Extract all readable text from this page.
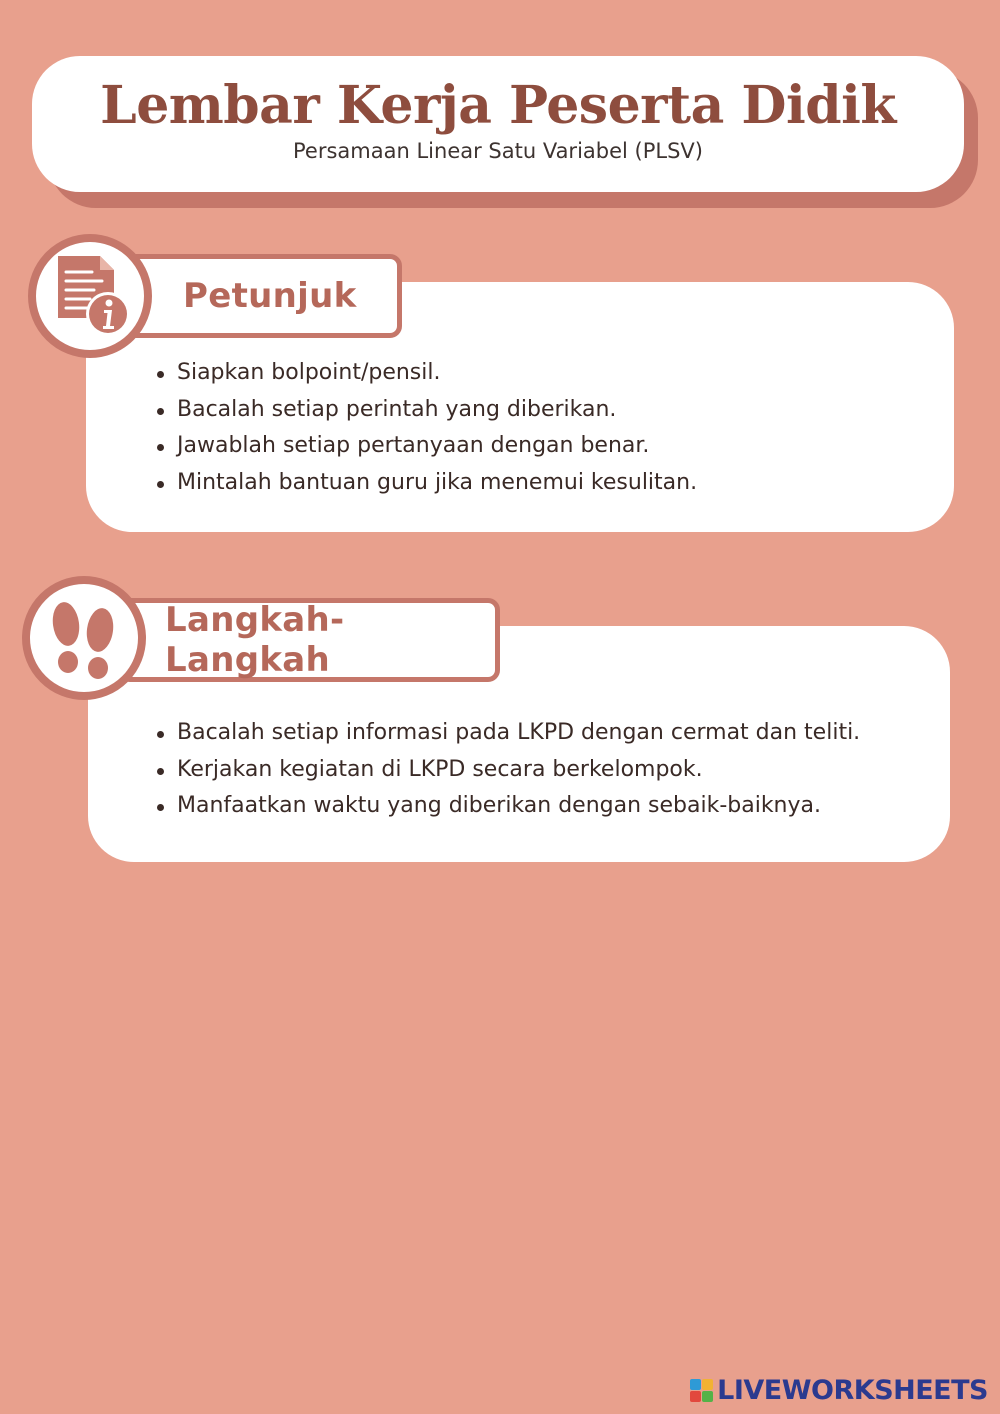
Lembar Kerja Peserta Didik
Persamaan Linear Satu Variabel (PLSV)
Petunjuk
Siapkan bolpoint/pensil.
Bacalah setiap perintah yang diberikan.
Jawablah setiap pertanyaan dengan benar.
Mintalah bantuan guru jika menemui kesulitan.
Langkah-Langkah
Bacalah setiap informasi pada LKPD dengan cermat dan teliti.
Kerjakan kegiatan di LKPD secara berkelompok.
Manfaatkan waktu yang diberikan dengan sebaik-baiknya.
LIVEWORKSHEETS
